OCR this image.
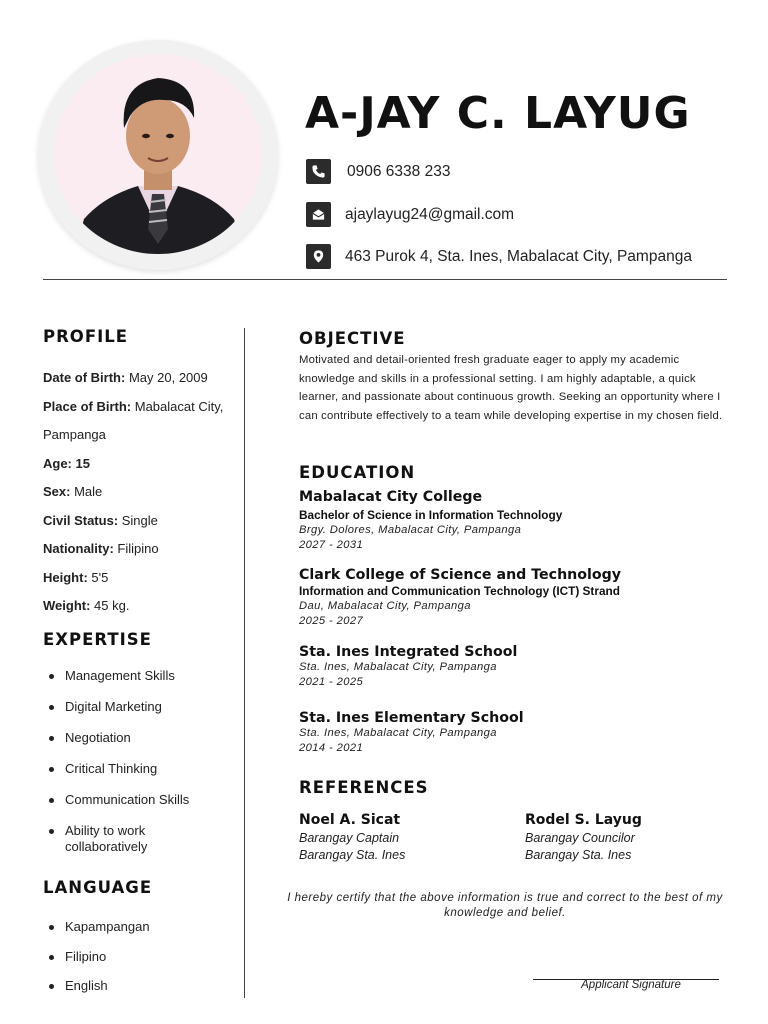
A-JAY C. LAYUG
0906 6338 233
ajaylayug24@gmail.com
463 Purok 4, Sta. Ines, Mabalacat City, Pampanga
PROFILE
Date of Birth: May 20, 2009
Place of Birth: Mabalacat City,
Pampanga
Age: 15
Sex: Male
Civil Status: Single
Nationality: Filipino
Height: 5'5
Weight: 45 kg.
EXPERTISE
Management Skills
Digital Marketing
Negotiation
Critical Thinking
Communication Skills
Ability to work collaboratively
LANGUAGE
Kapampangan
Filipino
English
OBJECTIVE
Motivated and detail-oriented fresh graduate eager to apply my academic knowledge and skills in a professional setting. I am highly adaptable, a quick learner, and passionate about continuous growth. Seeking an opportunity where I can contribute effectively to a team while developing expertise in my chosen field.
EDUCATION
Mabalacat City College
Bachelor of Science in Information Technology
Brgy. Dolores, Mabalacat City, Pampanga
2027 - 2031
Clark College of Science and Technology
Information and Communication Technology (ICT) Strand
Dau, Mabalacat City, Pampanga
2025 - 2027
Sta. Ines Integrated School
Sta. Ines, Mabalacat City, Pampanga
2021 - 2025
Sta. Ines Elementary School
Sta. Ines, Mabalacat City, Pampanga
2014 - 2021
REFERENCES
Noel A. Sicat
Barangay Captain
Barangay Sta. Ines
Rodel S. Layug
Barangay Councilor
Barangay Sta. Ines
I hereby certify that the above information is true and correct to the best of my knowledge and belief.
Applicant Signature
